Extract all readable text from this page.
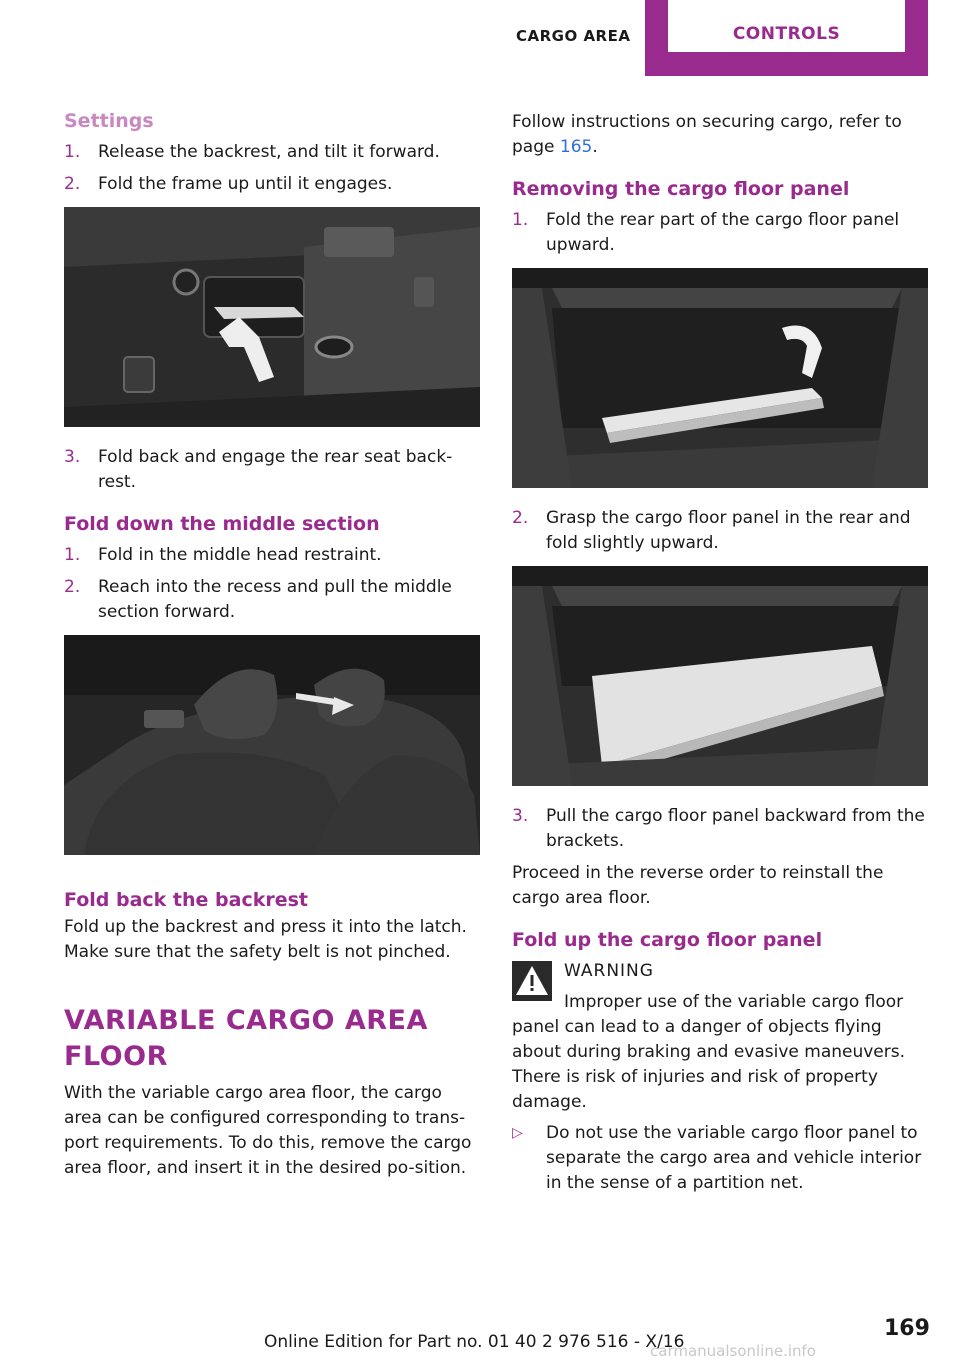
CARGO AREA	CONTROLS
Settings
1. Release the backrest, and tilt it forward.
2. Fold the frame up until it engages.
3. Fold back and engage the rear seat back-rest.
Fold down the middle section
1. Fold in the middle head restraint.
2. Reach into the recess and pull the middle section forward.
Fold back the backrest

Fold up the backrest and press it into the latch. Make sure that the safety belt is not pinched.

VARIABLE CARGO AREA FLOOR

With the variable cargo area floor, the cargo area can be configured corresponding to trans-port requirements. To do this, remove the cargo area floor, and insert it in the desired po-sition.

Follow instructions on securing cargo, refer to page 165.

Removing the cargo floor panel
1. Fold the rear part of the cargo floor panel upward.
2. Grasp the cargo floor panel in the rear and fold slightly upward.
3. Pull the cargo floor panel backward from the brackets.

Proceed in the reverse order to reinstall the cargo area floor.

Fold up the cargo floor panel
WARNING
Improper use of the variable cargo floor panel can lead to a danger of objects flying about during braking and evasive maneuvers. There is risk of injuries and risk of property damage.
▷ Do not use the variable cargo floor panel to separate the cargo area and vehicle interior in the sense of a partition net.
169
Online Edition for Part no. 01 40 2 976 516 - X/16
carmanualsonline.info
